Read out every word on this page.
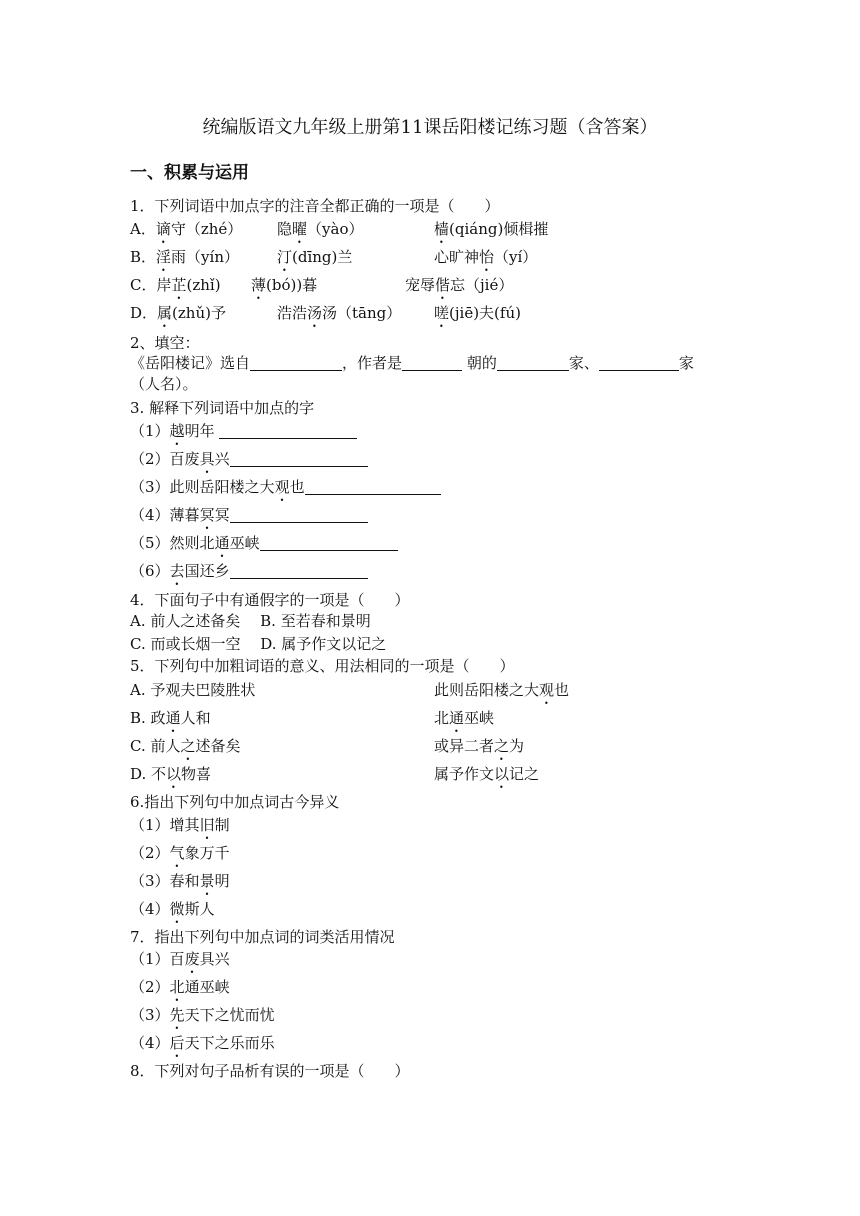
统编版语文九年级上册第11课岳阳楼记练习题（含答案）
一、积累与运用
1．下列词语中加点字的注音全都正确的一项是（　　）
A．谪守（zhé） 隐曜（yào）	樯(qiáng)倾楫摧
B．淫雨（yín）	汀(dīng)兰	心旷神怡（yí）
C．岸芷(zhǐ) 薄(bó))暮	宠辱偕忘（jié）
D．属(zhǔ)予	浩浩汤汤（tāng） 嗟(jiē)夫(fú)
2、填空：
《岳阳楼记》选自	，作者是	朝的	家、	家
（人名）。
3. 解释下列词语中加点的字
（1）越明年
（2）百废具兴
（3）此则岳阳楼之大观也
（4）薄暮冥冥
（5）然则北通巫峡
（6）去国还乡
4．下面句子中有通假字的一项是（　　）
A. 前人之述备矣　 B. 至若春和景明
C. 而或长烟一空　 D. 属予作文以记之
5．下列句中加粗词语的意义、用法相同的一项是（　　）
A. 予观夫巴陵胜状	此则岳阳楼之大观也
B. 政通人和	北通巫峡
C. 前人之述备矣	或异二者之为
D. 不以物喜	属予作文以记之
6.指出下列句中加点词古今异义
（1）增其旧制
（2）气象万千
（3）春和景明
（4）微斯人
7．指出下列句中加点词的词类活用情况
（1）百废具兴
（2）北通巫峡
（3）先天下之忧而忧
（4）后天下之乐而乐
8．下列对句子品析有误的一项是（　　）
